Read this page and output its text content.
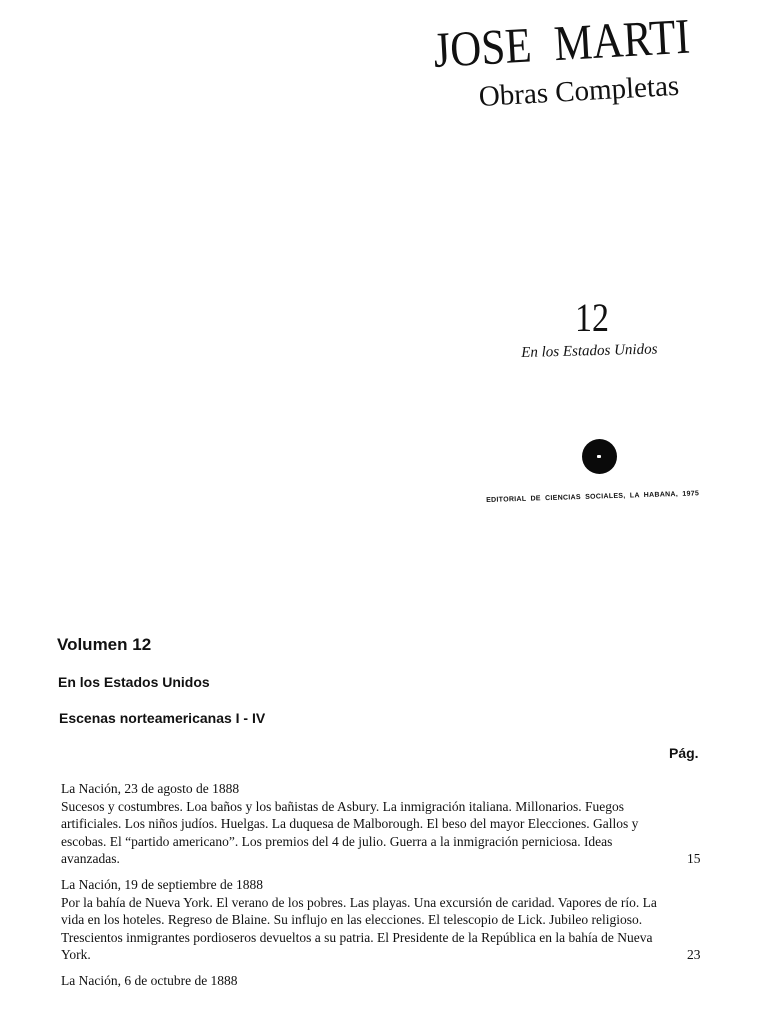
JOSE MARTI
Obras Completas
12
En los Estados Unidos
EDITORIAL DE CIENCIAS SOCIALES, LA HABANA, 1975
Volumen 12
En los Estados Unidos
Escenas norteamericanas I - IV
Pág.
La Nación, 23 de agosto de 1888
Sucesos y costumbres. Loa baños y los bañistas de Asbury. La inmigración italiana. Millonarios. Fuegos artificiales. Los niños judíos. Huelgas. La duquesa de Malborough. El beso del mayor Elecciones. Gallos y escobas. El “partido americano”. Los premios del 4 de julio. Guerra a la inmigración perniciosa. Ideas avanzadas.	15
La Nación, 19 de septiembre de 1888
Por la bahía de Nueva York. El verano de los pobres. Las playas. Una excursión de caridad. Vapores de río. La vida en los hoteles. Regreso de Blaine. Su influjo en las elecciones. El telescopio de Lick. Jubileo religioso. Trescientos inmigrantes pordioseros devueltos a su patria. El Presidente de la República en la bahía de Nueva York.	23
La Nación, 6 de octubre de 1888
